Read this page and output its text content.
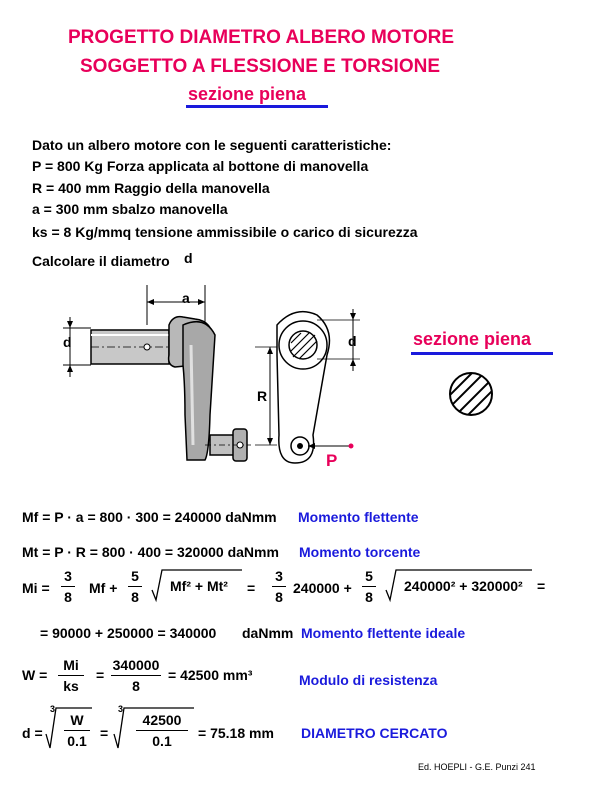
PROGETTO DIAMETRO ALBERO MOTORE
SOGGETTO A FLESSIONE E TORSIONE
sezione piena
Dato un albero motore con le seguenti caratteristiche:
P = 800 Kg Forza applicata al bottone di manovella
R = 400 mm Raggio della manovella
a = 300 mm sbalzo manovella
ks = 8 Kg/mmq tensione ammissibile o carico di sicurezza
Calcolare il diametro d
a
d	d
R
P
sezione piena
Mf = P · a = 800 · 300 = 240000 daNmm Momento flettente
Mt = P · R = 800 · 400 = 320000 daNmm Momento torcente
Mi =
3
8
Mf +
5
8
Mf² + Mt² =
3
8
240000 +
5
8
240000² + 320000² =
= 90000 + 250000 = 340000 daNmm Momento flettente ideale
W =
Mi
ks
=
340000
8
= 42500 mm³	Modulo di resistenza
d =
3
W
0.1 =
3
42500
0.1	= 75.18 mm DIAMETRO CERCATO
Ed. HOEPLI - G.E. Punzi 241
